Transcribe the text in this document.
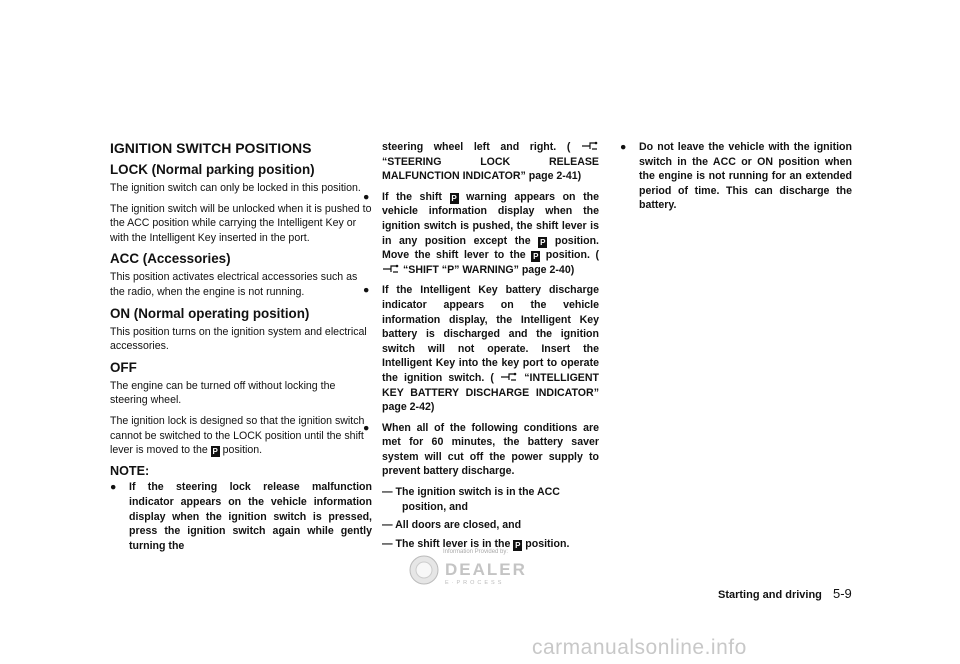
IGNITION SWITCH POSITIONS
LOCK (Normal parking position)

The ignition switch can only be locked in this position.

The ignition switch will be unlocked when it is pushed to the ACC position while carrying the Intelligent Key or with the Intelligent Key inserted in the port.

ACC (Accessories)

This position activates electrical accessories such as the radio, when the engine is not running.

ON (Normal operating position)

This position turns on the ignition system and electrical accessories.

OFF

The engine can be turned off without locking the steering wheel.

The ignition lock is designed so that the ignition switch cannot be switched to the LOCK position until the shift lever is moved to the P position.

NOTE:
●	If the steering lock release malfunction indicator appears on the vehicle information display when the ignition switch is pressed, press the ignition switch again while gently turning the
steering wheel left and right. (
“STEERING LOCK RELEASE MALFUNCTION INDICATOR” page 2-41)
●	If the shift P warning appears on the vehicle information display when the ignition switch is pushed, the shift lever is in any position except the P position. Move the shift lever to the P position. (
“SHIFT “P” WARNING” page 2-40)
●	If the Intelligent Key battery discharge indicator appears on the vehicle information display, the Intelligent Key battery is discharged and the ignition switch will not operate. Insert the Intelligent Key into the key port to operate the ignition switch. (	“INTELLIGENT KEY BATTERY DISCHARGE INDICATOR” page 2-42)
●	When all of the following conditions are met for 60 minutes, the battery saver system will cut off the power supply to prevent battery discharge.
— The ignition switch is in the ACC
position, and
— All doors are closed, and
— The shift lever is in the P position.
●	Do not leave the vehicle with the ignition switch in the ACC or ON position when the engine is not running for an extended period of time. This can discharge the battery.
Information Provided by:
DEALER
E·PROCESS
Starting and driving 5-9
carmanualsonline.info
